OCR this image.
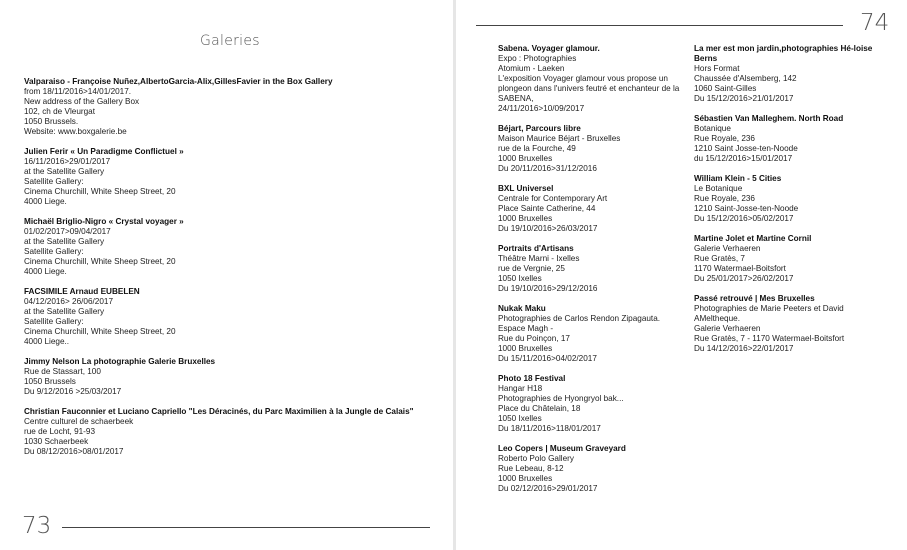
Galeries
Valparaiso - Françoise Nuñez,AlbertoGarcia-Alix,GillesFavier in the Box Gallery
from 18/11/2016>14/01/2017.
New address of the Gallery Box
102, ch de Vleurgat
1050 Brussels.
Website: www.boxgalerie.be
Julien Ferir « Un Paradigme Conflictuel »
16/11/2016>29/01/2017
at the Satellite Gallery
Satellite Gallery:
Cinema Churchill, White Sheep Street, 20
4000 Liege.
Michaël Briglio-Nigro « Crystal voyager »
01/02/2017>09/04/2017
at the Satellite Gallery
Satellite Gallery:
Cinema Churchill, White Sheep Street, 20
4000 Liege.
FACSIMILE Arnaud EUBELEN
04/12/2016> 26/06/2017
at the Satellite Gallery
Satellite Gallery:
Cinema Churchill, White Sheep Street, 20
4000 Liege..
Jimmy Nelson La photographie Galerie Bruxelles
Rue de Stassart, 100
1050 Brussels
Du 9/12/2016 >25/03/2017
Christian Fauconnier et Luciano Capriello "Les Déracinés, du Parc Maximilien à la Jungle de Calais"
Centre culturel de schaerbeek
rue de Locht, 91-93
1030 Schaerbeek
Du 08/12/2016>08/01/2017
73
74
Sabena. Voyager glamour.
Expo : Photographies
Atomium - Laeken
L'exposition Voyager glamour vous propose un plongeon dans l'univers feutré et enchanteur de la SABENA,
24/11/2016>10/09/2017
Béjart, Parcours libre
Maison Maurice Béjart - Bruxelles
rue de la Fourche, 49
1000 Bruxelles
Du 20/11/2016>31/12/2016
BXL Universel
Centrale for Contemporary Art
Place Sainte Catherine, 44
1000 Bruxelles
Du 19/10/2016>26/03/2017
Portraits d'Artisans
Théâtre Marni - Ixelles
rue de Vergnie, 25
1050 Ixelles
Du 19/10/2016>29/12/2016
Nukak Maku
Photographies de Carlos Rendon Zipagauta.
Espace Magh -
Rue du Poinçon, 17
1000 Bruxelles
Du 15/11/2016>04/02/2017
Photo 18 Festival
Hangar H18
Photographies de Hyongryol bak...
Place du Châtelain, 18
1050 Ixelles
Du 18/11/2016>118/01/2017
Leo Copers | Museum Graveyard
Roberto Polo Gallery
Rue Lebeau, 8-12
1000 Bruxelles
Du 02/12/2016>29/01/2017
La mer est mon jardin,photographies Hé-loise Berns
Hors Format
Chaussée d'Alsemberg, 142
1060 Saint-Gilles
Du 15/12/2016>21/01/2017
Sébastien Van Malleghem. North Road
Botanique
Rue Royale, 236
1210 Saint Josse-ten-Noode
du 15/12/2016>15/01/2017
William Klein - 5 Cities
Le Botanique
Rue Royale, 236
1210 Saint-Josse-ten-Noode
Du 15/12/2016>05/02/2017
Martine Jolet et Martine Cornil
Galerie Verhaeren
Rue Gratès, 7
1170 Watermael-Boitsfort
Du 25/01/2017>26/02/2017
Passé retrouvé | Mes Bruxelles
Photographies de Marie Peeters et David AMeltheque.
Galerie Verhaeren
Rue Gratès, 7 - 1170 Watermael-Boitsfort
Du 14/12/2016>22/01/2017
